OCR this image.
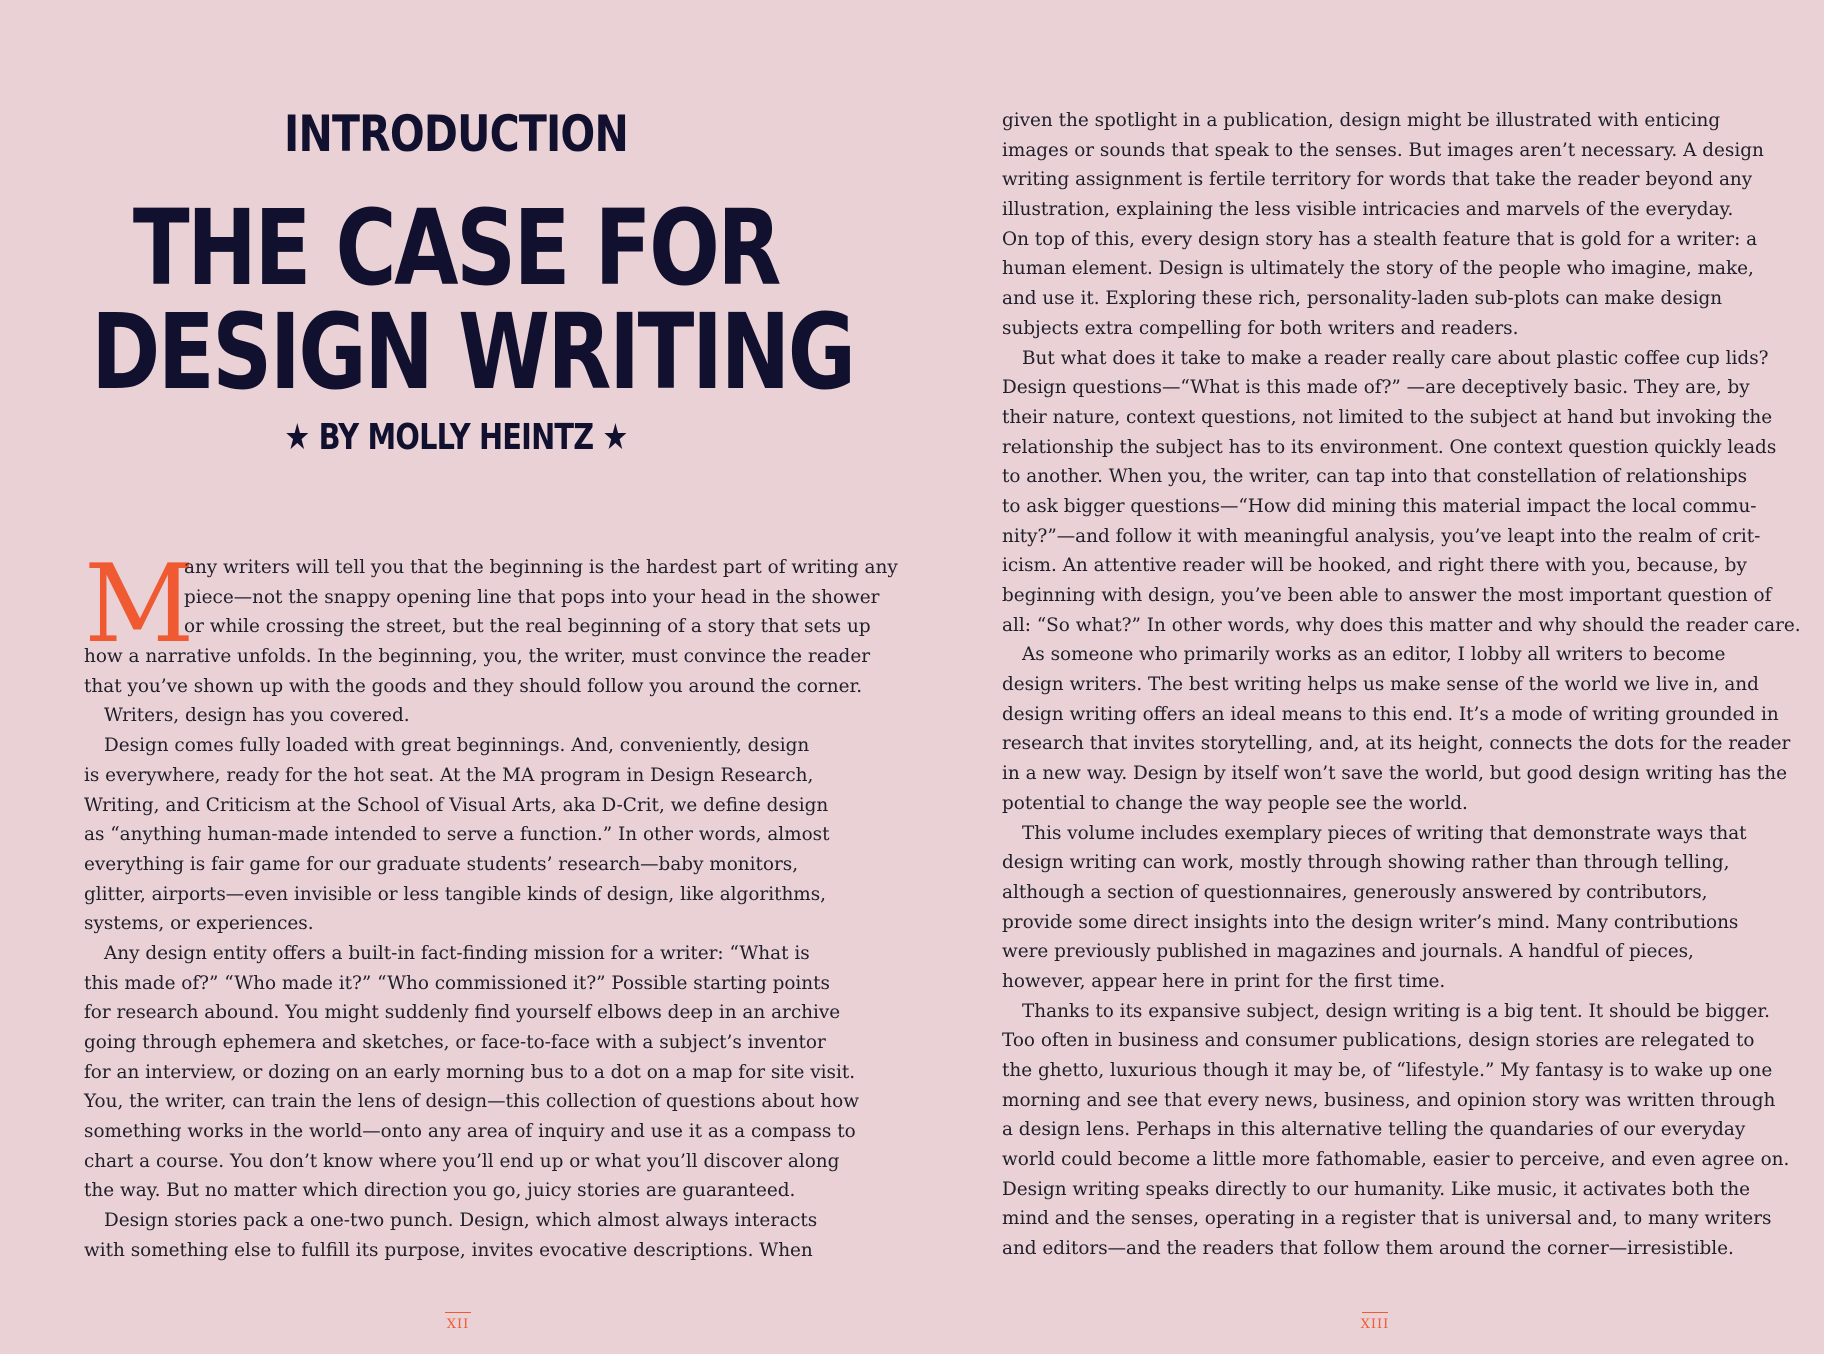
INTRODUCTION
THE CASE FOR
DESIGN WRITING
★ BY MOLLY HEINTZ ★
M
any writers will tell you that the beginning is the hardest part of writing any
piece—not the snappy opening line that pops into your head in the shower
or while crossing the street, but the real beginning of a story that sets up
how a narrative unfolds. In the beginning, you, the writer, must convince the reader
that you’ve shown up with the goods and they should follow you around the corner.
Writers, design has you covered.
Design comes fully loaded with great beginnings. And, conveniently, design
is everywhere, ready for the hot seat. At the MA program in Design Research,
Writing, and Criticism at the School of Visual Arts, aka D-Crit, we define design
as “anything human-made intended to serve a function.” In other words, almost
everything is fair game for our graduate students’ research—baby monitors,
glitter, airports—even invisible or less tangible kinds of design, like algorithms,
systems, or experiences.
Any design entity offers a built-in fact-finding mission for a writer: “What is
this made of?” “Who made it?” “Who commissioned it?” Possible starting points
for research abound. You might suddenly find yourself elbows deep in an archive
going through ephemera and sketches, or face-to-face with a subject’s inventor
for an interview, or dozing on an early morning bus to a dot on a map for site visit.
You, the writer, can train the lens of design—this collection of questions about how
something works in the world—onto any area of inquiry and use it as a compass to
chart a course. You don’t know where you’ll end up or what you’ll discover along
the way. But no matter which direction you go, juicy stories are guaranteed.
Design stories pack a one-two punch. Design, which almost always interacts
with something else to fulfill its purpose, invites evocative descriptions. When
XII
given the spotlight in a publication, design might be illustrated with enticing
images or sounds that speak to the senses. But images aren’t necessary. A design
writing assignment is fertile territory for words that take the reader beyond any
illustration, explaining the less visible intricacies and marvels of the everyday.
On top of this, every design story has a stealth feature that is gold for a writer: a
human element. Design is ultimately the story of the people who imagine, make,
and use it. Exploring these rich, personality-laden sub-plots can make design
subjects extra compelling for both writers and readers.
But what does it take to make a reader really care about plastic coffee cup lids?
Design questions—“What is this made of?” —are deceptively basic. They are, by
their nature, context questions, not limited to the subject at hand but invoking the
relationship the subject has to its environment. One context question quickly leads
to another. When you, the writer, can tap into that constellation of relationships
to ask bigger questions—“How did mining this material impact the local commu-
nity?”—and follow it with meaningful analysis, you’ve leapt into the realm of crit-
icism. An attentive reader will be hooked, and right there with you, because, by
beginning with design, you’ve been able to answer the most important question of
all: “So what?” In other words, why does this matter and why should the reader care.
As someone who primarily works as an editor, I lobby all writers to become
design writers. The best writing helps us make sense of the world we live in, and
design writing offers an ideal means to this end. It’s a mode of writing grounded in
research that invites storytelling, and, at its height, connects the dots for the reader
in a new way. Design by itself won’t save the world, but good design writing has the
potential to change the way people see the world.
This volume includes exemplary pieces of writing that demonstrate ways that
design writing can work, mostly through showing rather than through telling,
although a section of questionnaires, generously answered by contributors,
provide some direct insights into the design writer’s mind. Many contributions
were previously published in magazines and journals. A handful of pieces,
however, appear here in print for the first time.
Thanks to its expansive subject, design writing is a big tent. It should be bigger.
Too often in business and consumer publications, design stories are relegated to
the ghetto, luxurious though it may be, of “lifestyle.” My fantasy is to wake up one
morning and see that every news, business, and opinion story was written through
a design lens. Perhaps in this alternative telling the quandaries of our everyday
world could become a little more fathomable, easier to perceive, and even agree on.
Design writing speaks directly to our humanity. Like music, it activates both the
mind and the senses, operating in a register that is universal and, to many writers
and editors—and the readers that follow them around the corner—irresistible.
XIII
